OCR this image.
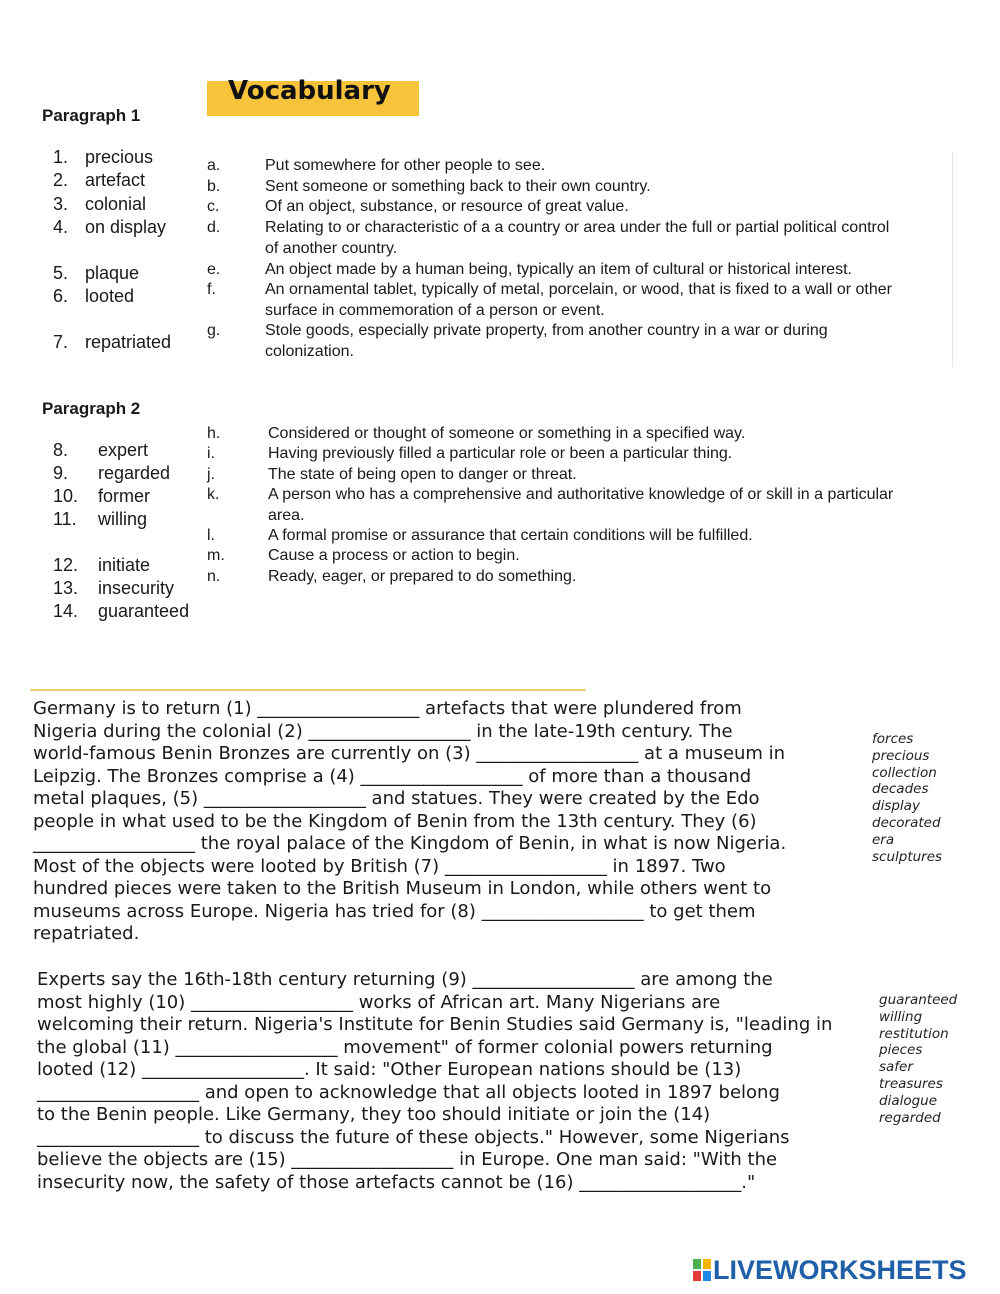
Vocabulary
Paragraph 1
1. precious
2. artefact
3. colonial
4. on display
5. plaque
6. looted
7. repatriated
a.	Put somewhere for other people to see.
b.	Sent someone or something back to their own country.
c.	Of an object, substance, or resource of great value.
d.	Relating to or characteristic of a a country or area under the full or partial political control
of another country.
e.	An object made by a human being, typically an item of cultural or historical interest.
f.	An ornamental tablet, typically of metal, porcelain, or wood, that is fixed to a wall or other
surface in commemoration of a person or event.
g.	Stole goods, especially private property, from another country in a war or during
colonization.
Paragraph 2
8. expert
9. regarded
10. former
11. willing
12. initiate
13. insecurity
14. guaranteed
h.	Considered or thought of someone or something in a specified way.
i.	Having previously filled a particular role or been a particular thing.
j.	The state of being open to danger or threat.
k.	A person who has a comprehensive and authoritative knowledge of or skill in a particular
area.
l.	A formal promise or assurance that certain conditions will be fulfilled.
m.	Cause a process or action to begin.
n.	Ready, eager, or prepared to do something.
Germany is to return (1) __________________ artefacts that were plundered from
Nigeria during the colonial (2) __________________ in the late-19th century. The
world-famous Benin Bronzes are currently on (3) __________________ at a museum in
Leipzig. The Bronzes comprise a (4) __________________ of more than a thousand
metal plaques, (5) __________________ and statues. They were created by the Edo
people in what used to be the Kingdom of Benin from the 13th century. They (6)
__________________ the royal palace of the Kingdom of Benin, in what is now Nigeria.
Most of the objects were looted by British (7) __________________ in 1897. Two
hundred pieces were taken to the British Museum in London, while others went to
museums across Europe. Nigeria has tried for (8) __________________ to get them
repatriated.
forces
precious
collection
decades
display
decorated
era
sculptures
Experts say the 16th-18th century returning (9) __________________ are among the
most highly (10) __________________ works of African art. Many Nigerians are
welcoming their return. Nigeria's Institute for Benin Studies said Germany is, "leading in
the global (11) __________________ movement" of former colonial powers returning
looted (12) __________________. It said: "Other European nations should be (13)
__________________ and open to acknowledge that all objects looted in 1897 belong
to the Benin people. Like Germany, they too should initiate or join the (14)
__________________ to discuss the future of these objects." However, some Nigerians
believe the objects are (15) __________________ in Europe. One man said: "With the
insecurity now, the safety of those artefacts cannot be (16) __________________."
guaranteed
willing
restitution
pieces
safer
treasures
dialogue
regarded
LIVEWORKSHEETS
